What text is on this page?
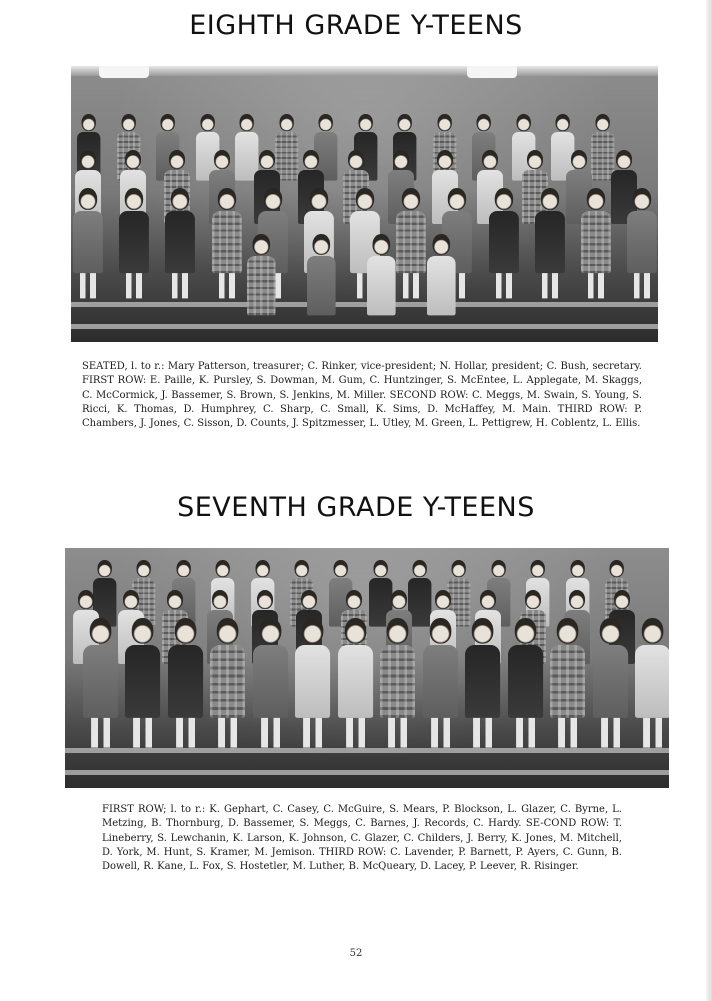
EIGHTH GRADE Y-TEENS
SEATED, l. to r.: Mary Patterson, treasurer; C. Rinker, vice-president; N. Hollar, president; C. Bush, secretary. FIRST ROW: E. Paille, K. Pursley, S. Dowman, M. Gum, C. Huntzinger, S. McEntee, L. Applegate, M. Skaggs, C. McCormick, J. Bassemer, S. Brown, S. Jenkins, M. Miller. SECOND ROW: C. Meggs, M. Swain, S. Young, S. Ricci, K. Thomas, D. Humphrey, C. Sharp, C. Small, K. Sims, D. McHaffey, M. Main. THIRD ROW: P. Chambers, J. Jones, C. Sisson, D. Counts, J. Spitzmesser, L. Utley, M. Green, L. Pettigrew, H. Coblentz, L. Ellis.
SEVENTH GRADE Y-TEENS
FIRST ROW; l. to r.: K. Gephart, C. Casey, C. McGuire, S. Mears, P. Blockson, L. Glazer, C. Byrne, L. Metzing, B. Thornburg, D. Bassemer, S. Meggs, C. Barnes, J. Records, C. Hardy. SE-COND ROW: T. Lineberry, S. Lewchanin, K. Larson, K. Johnson, C. Glazer, C. Childers, J. Berry, K. Jones, M. Mitchell, D. York, M. Hunt, S. Kramer, M. Jemison. THIRD ROW: C. Lavender, P. Barnett, P. Ayers, C. Gunn, B. Dowell, R. Kane, L. Fox, S. Hostetler, M. Luther, B. McQueary, D. Lacey, P. Leever, R. Risinger.
52
